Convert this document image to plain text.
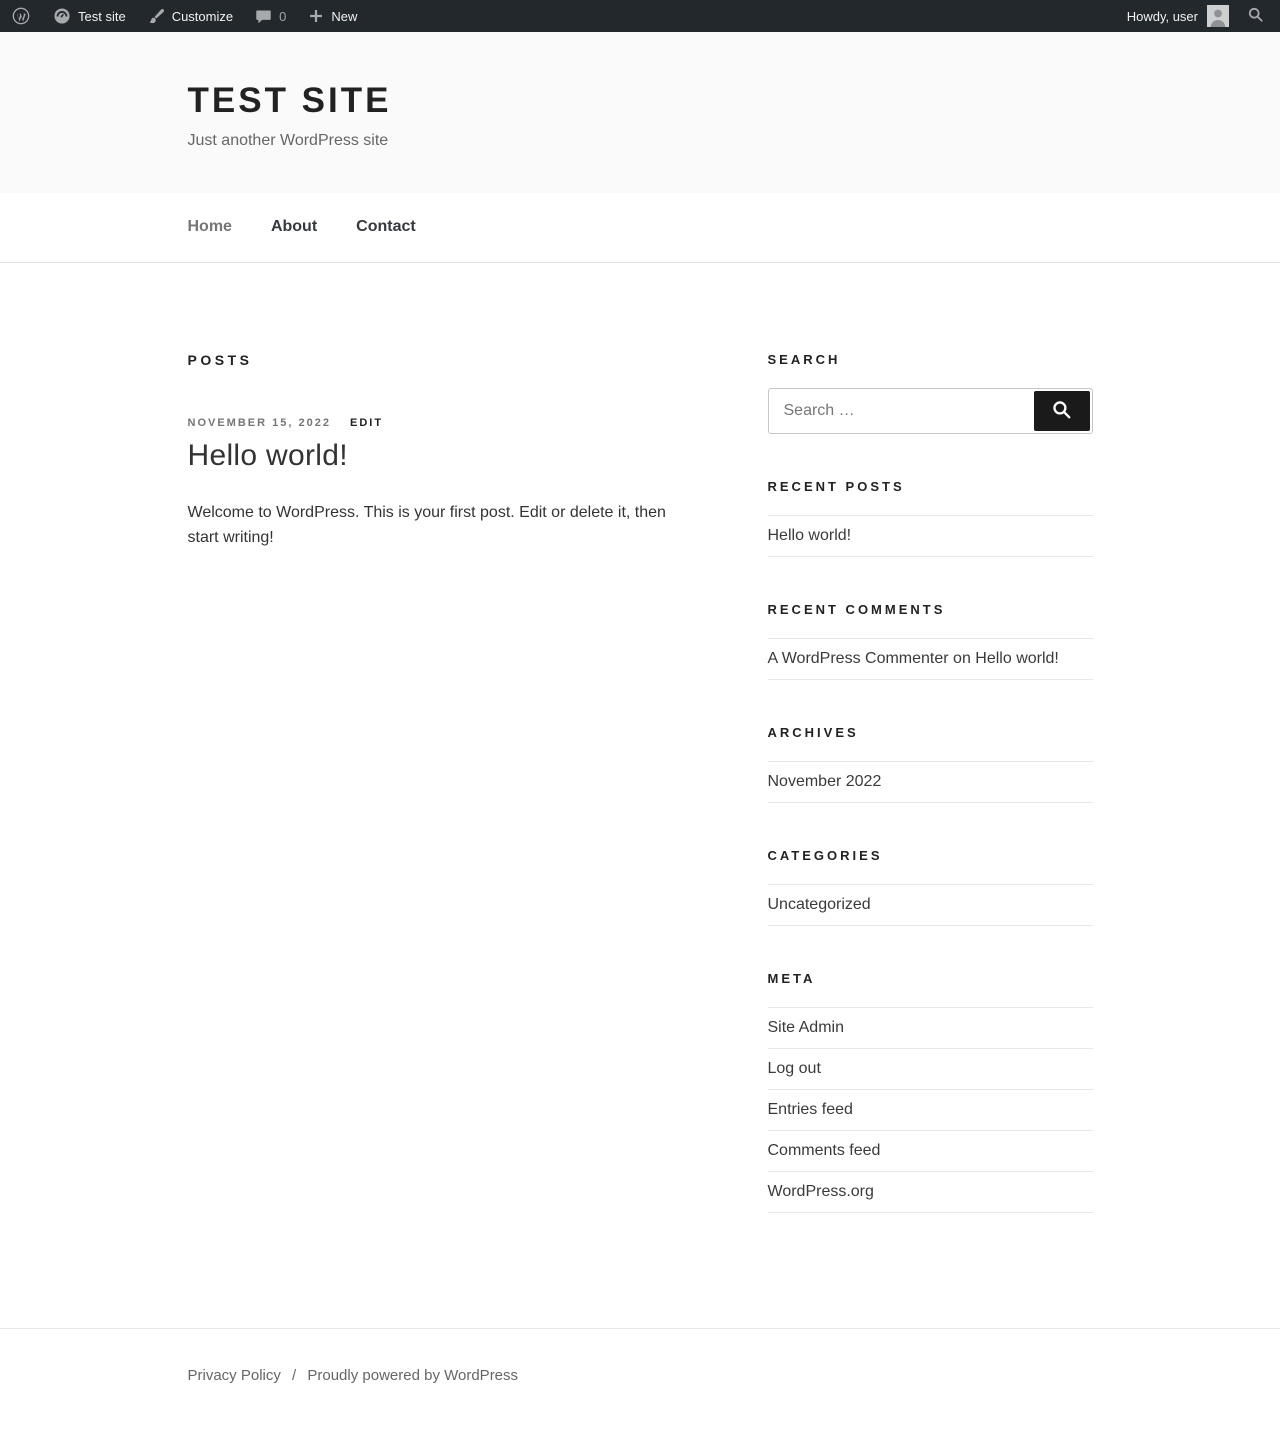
Test site	Customize	0	New	Howdy, user
TEST SITE

Just another WordPress site

Home About Contact
POSTS
NOVEMBER 15, 2022 EDIT
Hello world!

Welcome to WordPress. This is your first post. Edit or delete it, then start writing!

SEARCH
Search …
RECENT POSTS
Hello world!
RECENT COMMENTS
A WordPress Commenter on Hello world!
ARCHIVES
November 2022
CATEGORIES
Uncategorized
META
Site Admin
Log out
Entries feed
Comments feed
WordPress.org
Privacy Policy / Proudly powered by WordPress
